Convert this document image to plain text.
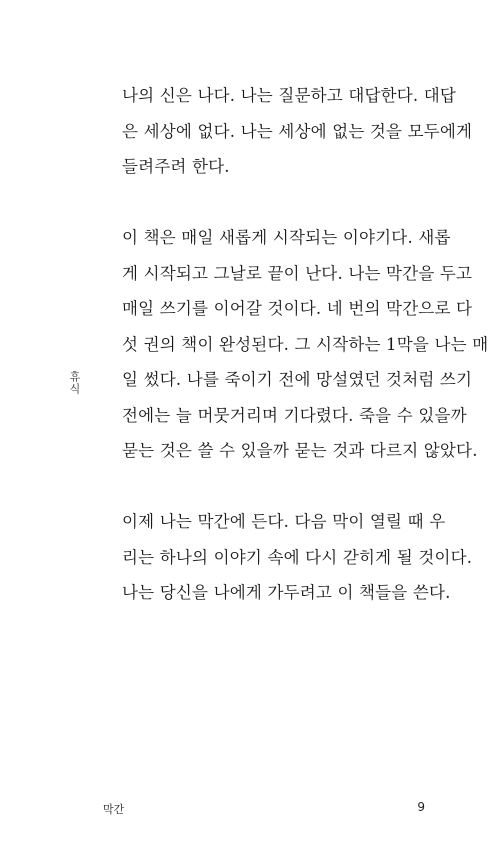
나의 신은 나다. 나는 질문하고 대답한다. 대답
은 세상에 없다. 나는 세상에 없는 것을 모두에게
들려주려 한다.

이 책은 매일 새롭게 시작되는 이야기다. 새롭
게 시작되고 그날로 끝이 난다. 나는 막간을 두고
매일 쓰기를 이어갈 것이다. 네 번의 막간으로 다
섯 권의 책이 완성된다. 그 시작하는 1막을 나는 매
일 썼다. 나를 죽이기 전에 망설였던 것처럼 쓰기
전에는 늘 머뭇거리며 기다렸다. 죽을 수 있을까
묻는 것은 쓸 수 있을까 묻는 것과 다르지 않았다.

이제 나는 막간에 든다. 다음 막이 열릴 때 우
리는 하나의 이야기 속에 다시 갇히게 될 것이다.
나는 당신을 나에게 가두려고 이 책들을 쓴다.

휴식
막간	9
